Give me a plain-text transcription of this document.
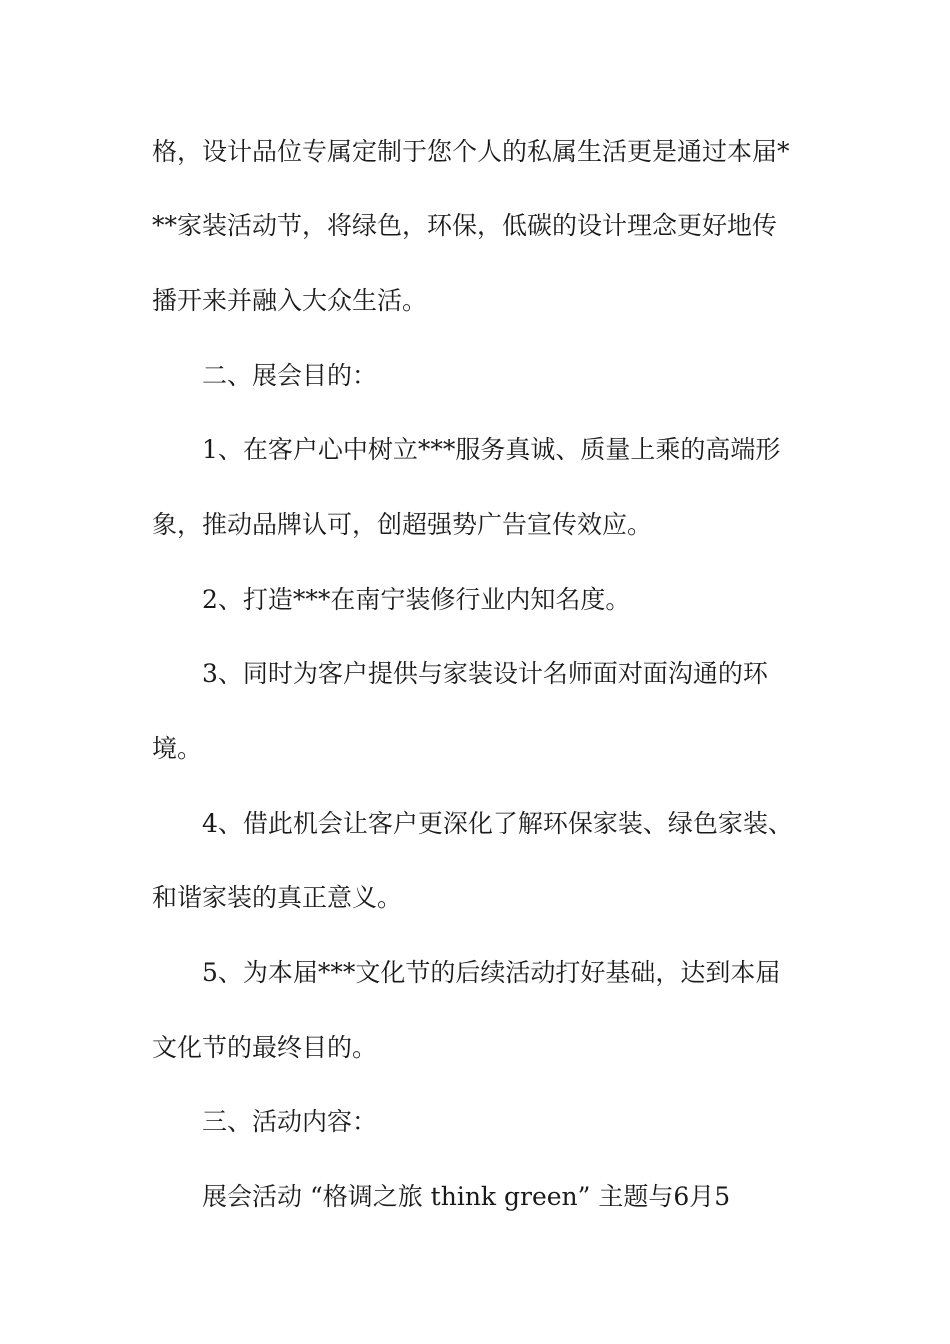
格，设计品位专属定制于您个人的私属生活更是通过本届*
**家装活动节，将绿色，环保，低碳的设计理念更好地传
播开来并融入大众生活。
二、展会目的：
1、在客户心中树立***服务真诚、质量上乘的高端形
象，推动品牌认可，创超强势广告宣传效应。
2、打造***在南宁装修行业内知名度。
3、同时为客户提供与家装设计名师面对面沟通的环
境。
4、借此机会让客户更深化了解环保家装、绿色家装、
和谐家装的真正意义。
5、为本届***文化节的后续活动打好基础，达到本届
文化节的最终目的。
三、活动内容：
展会活动 “格调之旅 think green” 主题与6月5
